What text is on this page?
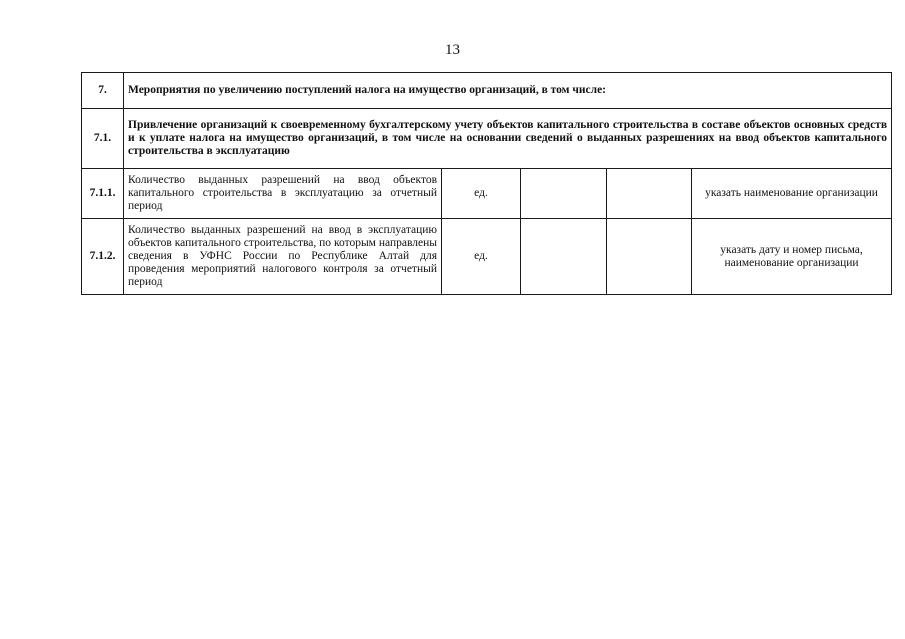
13
7.	Мероприятия по увеличению поступлений налога на имущество организаций, в том числе:				
7.1.	Привлечение организаций к своевременному бухгалтерскому учету объектов капитального строительства в составе объектов основных средств и к уплате налога на имущество организаций, в том числе на основании сведений о выданных разрешениях на ввод объектов капитального строительства в эксплуатацию				
7.1.1.	Количество выданных разрешений на ввод объектов капитального строительства в эксплуатацию за отчетный период	ед.			указать наименование организации
7.1.2.	Количество выданных разрешений на ввод в эксплуатацию объектов капитального строительства, по которым направлены сведения в УФНС России по Республике Алтай для проведения мероприятий налогового контроля за отчетный период	ед.			указать дату и номер письма, наименование организации
